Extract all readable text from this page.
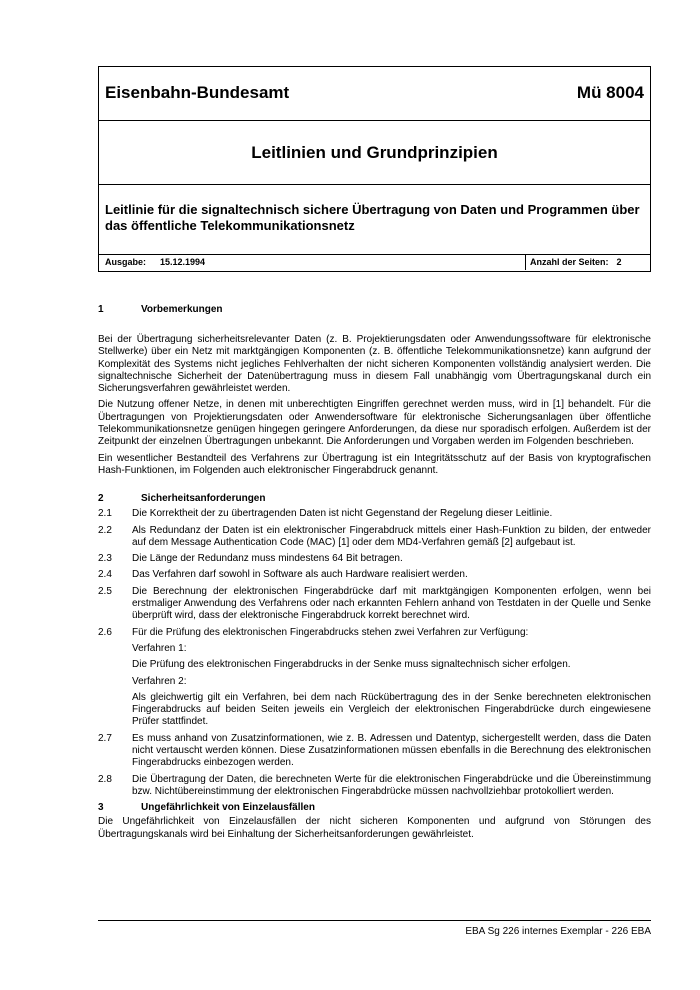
Eisenbahn-Bundesamt	Mü 8004
Leitlinien und Grundprinzipien
Leitlinie für die signaltechnisch sichere Übertragung von Daten und Programmen über das öffentliche Telekommunikationsnetz
Ausgabe: 15.12.1994	Anzahl der Seiten: 2
1	Vorbemerkungen

Bei der Übertragung sicherheitsrelevanter Daten (z. B. Projektierungsdaten oder Anwendungssoftware für elektronische Stellwerke) über ein Netz mit marktgängigen Komponenten (z. B. öffentliche Telekommunikationsnetze) kann aufgrund der Komplexität des Systems nicht jegliches Fehlverhalten der nicht sicheren Komponenten vollständig analysiert werden. Die signaltechnische Sicherheit der Datenübertragung muss in diesem Fall unabhängig vom Übertragungskanal durch ein Sicherungsverfahren gewährleistet werden.

Die Nutzung offener Netze, in denen mit unberechtigten Eingriffen gerechnet werden muss, wird in [1] behandelt. Für die Übertragungen von Projektierungsdaten oder Anwendersoftware für elektronische Sicherungsanlagen über öffentliche Telekommunikationsnetze genügen hingegen geringere Anforderungen, da diese nur sporadisch erfolgen. Außerdem ist der Zeitpunkt der einzelnen Übertragungen unbekannt. Die Anforderungen und Vorgaben werden im Folgenden beschrieben.

Ein wesentlicher Bestandteil des Verfahrens zur Übertragung ist ein Integritätsschutz auf der Basis von kryptografischen Hash-Funktionen, im Folgenden auch elektronischer Fingerabdruck genannt.

2	Sicherheitsanforderungen
2.1 Die Korrektheit der zu übertragenden Daten ist nicht Gegenstand der Regelung dieser Leitlinie.
2.2 Als Redundanz der Daten ist ein elektronischer Fingerabdruck mittels einer Hash-Funktion zu bilden, der entweder auf dem Message Authentication Code (MAC) [1] oder dem MD4-Verfahren gemäß [2] aufgebaut ist.
2.3 Die Länge der Redundanz muss mindestens 64 Bit betragen.
2.4 Das Verfahren darf sowohl in Software als auch Hardware realisiert werden.
2.5 Die Berechnung der elektronischen Fingerabdrücke darf mit marktgängigen Komponenten erfolgen, wenn bei erstmaliger Anwendung des Verfahrens oder nach erkannten Fehlern anhand von Testdaten in der Quelle und Senke überprüft wird, dass der elektronische Fingerabdruck korrekt berechnet wird.
2.6 Für die Prüfung des elektronischen Fingerabdrucks stehen zwei Verfahren zur Verfügung:
Verfahren 1:
Die Prüfung des elektronischen Fingerabdrucks in der Senke muss signaltechnisch sicher erfolgen.
Verfahren 2:
Als gleichwertig gilt ein Verfahren, bei dem nach Rückübertragung des in der Senke berechneten elektronischen Fingerabdrucks auf beiden Seiten jeweils ein Vergleich der elektronischen Fingerabdrücke durch eingewiesene Prüfer stattfindet.
2.7 Es muss anhand von Zusatzinformationen, wie z. B. Adressen und Datentyp, sichergestellt werden, dass die Daten nicht vertauscht werden können. Diese Zusatzinformationen müssen ebenfalls in die Berechnung des elektronischen Fingerabdrucks einbezogen werden.
2.8 Die Übertragung der Daten, die berechneten Werte für die elektronischen Fingerabdrücke und die Übereinstimmung bzw. Nichtübereinstimmung der elektronischen Fingerabdrücke müssen nachvollziehbar protokolliert werden.
3	Ungefährlichkeit von Einzelausfällen

Die Ungefährlichkeit von Einzelausfällen der nicht sicheren Komponenten und aufgrund von Störungen des Übertragungskanals wird bei Einhaltung der Sicherheitsanforderungen gewährleistet.

EBA Sg 226 internes Exemplar - 226 EBA
